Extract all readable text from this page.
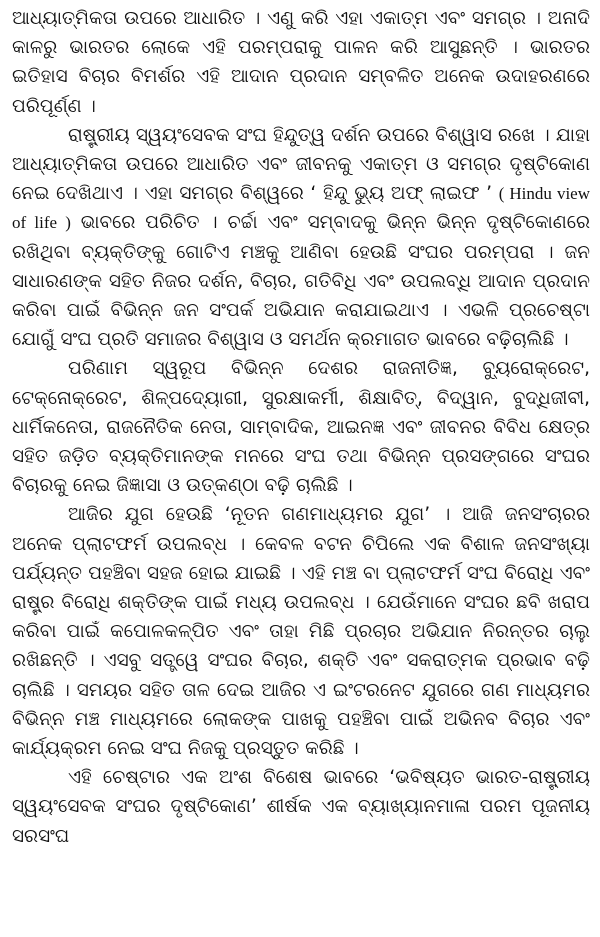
ଆଧ୍ୟାତ୍ମିକତା ଉପରେ ଆଧାରିତ । ଏଣୁ କରି ଏହା ଏକାତ୍ମ ଏବଂ ସମଗ୍ର । ଅନାଦି କାଳରୁ ଭାରତର ଲୋକେ ଏହି ପରମ୍ପରାକୁ ପାଳନ କରି ଆସୁଛନ୍ତି । ଭାରତର ଇତିହାସ ବିଚାର ବିମର୍ଶର ଏହି ଆଦାନ ପ୍ରଦାନ ସମ୍ବଳିତ ଅନେକ ଉଦାହରଣରେ ପରିପୂର୍ଣ୍ଣ ।

ରାଷ୍ଟ୍ରୀୟ ସ୍ୱୟଂସେବକ ସଂଘ ହିନ୍ଦୁତ୍ୱ ଦର୍ଶନ ଉପରେ ବିଶ୍ୱାସ ରଖେ । ଯାହା ଆଧ୍ୟାତ୍ମିକତା ଉପରେ ଆଧାରିତ ଏବଂ ଜୀବନକୁ ଏକାତ୍ମ ଓ ସମଗ୍ର ଦୃଷ୍ଟିକୋଣ ନେଇ ଦେଖିଥାଏ । ଏହା ସମଗ୍ର ବିଶ୍ୱରେ ‘ ହିନ୍ଦୁ ଭ୍ୟୁ ଅଫ୍ ଲାଇଫ ’ ( Hindu view of life ) ଭାବରେ ପରିଚିତ । ଚର୍ଚ୍ଚା ଏବଂ ସମ୍ବାଦକୁ ଭିନ୍ନ ଭିନ୍ନ ଦୃଷ୍ଟିକୋଣରେ ରଖିଥିବା ବ୍ୟକ୍ତିଙ୍କୁ ଗୋଟିଏ ମଞ୍ଚକୁ ଆଣିବା ହେଉଛି ସଂଘର ପରମ୍ପରା । ଜନ ସାଧାରଣଙ୍କ ସହିତ ନିଜର ଦର୍ଶନ, ବିଚାର, ଗତିବିଧି ଏବଂ ଉପଲବ୍ଧି ଆଦାନ ପ୍ରଦାନ କରିବା ପାଇଁ ବିଭିନ୍ନ ଜନ ସଂପର୍କ ଅଭିଯାନ କରାଯାଇଥାଏ । ଏଭଳି ପ୍ରଚେଷ୍ଟା ଯୋଗୁଁ ସଂଘ ପ୍ରତି ସମାଜର ବିଶ୍ୱାସ ଓ ସମର୍ଥନ କ୍ରମାଗତ ଭାବରେ ବଢ଼ିଚାଲିଛି ।

ପରିଣାମ ସ୍ୱରୂପ ବିଭିନ୍ନ ଦେଶର ରାଜନୀତିଜ୍ଞ, ବ୍ୟୁରୋକ୍ରେଟ, ଟେକ୍ନୋକ୍ରେଟ, ଶିଳ୍ପଦ୍ୟୋଗୀ, ସୁରକ୍ଷାକର୍ମୀ, ଶିକ୍ଷାବିତ୍, ବିଦ୍ୱାନ, ବୁଦ୍ଧିଜୀବୀ, ଧାର୍ମିକନେତା, ରାଜନୈତିକ ନେତା, ସାମ୍ବାଦିକ, ଆଇନଜ୍ଞ ଏବଂ ଜୀବନର ବିବିଧ କ୍ଷେତ୍ର ସହିତ ଜଡ଼ିତ ବ୍ୟକ୍ତିମାନଙ୍କ ମନରେ ସଂଘ ତଥା ବିଭିନ୍ନ ପ୍ରସଙ୍ଗରେ ସଂଘର ବିଚାରକୁ ନେଇ ଜିଜ୍ଞାସା ଓ ଉତ୍କଣ୍ଠା ବଢ଼ି ଚାଲିଛି ।

ଆଜିର ଯୁଗ ହେଉଛି ‘ନୂତନ ଗଣମାଧ୍ୟମର ଯୁଗ’ । ଆଜି ଜନସଂଚାରର ଅନେକ ପ୍ଲାଟଫର୍ମ ଉପଲବ୍ଧ । କେବଳ ବଟନ ଚିପିଲେ ଏକ ବିଶାଳ ଜନସଂଖ୍ୟା ପର୍ଯ୍ୟନ୍ତ ପହଞ୍ଚିବା ସହଜ ହୋଇ ଯାଇଛି । ଏହି ମଞ୍ଚ ବା ପ୍ଲାଟଫର୍ମ ସଂଘ ବିରୋଧି ଏବଂ ରାଷ୍ଟ୍ର ବିରୋଧି ଶକ୍ତିଙ୍କ ପାଇଁ ମଧ୍ୟ ଉପଲବ୍ଧ । ଯେଉଁମାନେ ସଂଘର ଛବି ଖରାପ କରିବା ପାଇଁ କପୋଳକଳ୍ପିତ ଏବଂ ତାହା ମିଛି ପ୍ରଚାର ଅଭିଯାନ ନିରନ୍ତର ଚାଲୁ ରଖିଛନ୍ତି । ଏସବୁ ସତ୍ତ୍ୱେ ସଂଘର ବିଚାର, ଶକ୍ତି ଏବଂ ସକରାତ୍ମକ ପ୍ରଭାବ ବଢ଼ି ଚାଲିଛି । ସମୟର ସହିତ ତାଳ ଦେଇ ଆଜିର ଏ ଇଂଟରନେଟ ଯୁଗରେ ଗଣ ମାଧ୍ୟମର ବିଭିନ୍ନ ମଞ୍ଚ ମାଧ୍ୟମରେ ଲୋକଙ୍କ ପାଖକୁ ପହଞ୍ଚିବା ପାଇଁ ଅଭିନବ ବିଚାର ଏବଂ କାର୍ଯ୍ୟକ୍ରମ ନେଇ ସଂଘ ନିଜକୁ ପ୍ରସ୍ତୁତ କରିଛି ।

ଏହି ଚେଷ୍ଟାର ଏକ ଅଂଶ ବିଶେଷ ଭାବରେ ‘ଭବିଷ୍ୟତ ଭାରତ-ରାଷ୍ଟ୍ରୀୟ ସ୍ୱୟଂସେବକ ସଂଘର ଦୃଷ୍ଟିକୋଣ’ ଶୀର୍ଷକ ଏକ ବ୍ୟାଖ୍ୟାନମାଳା ପରମ ପୂଜନୀୟ ସରସଂଘ
